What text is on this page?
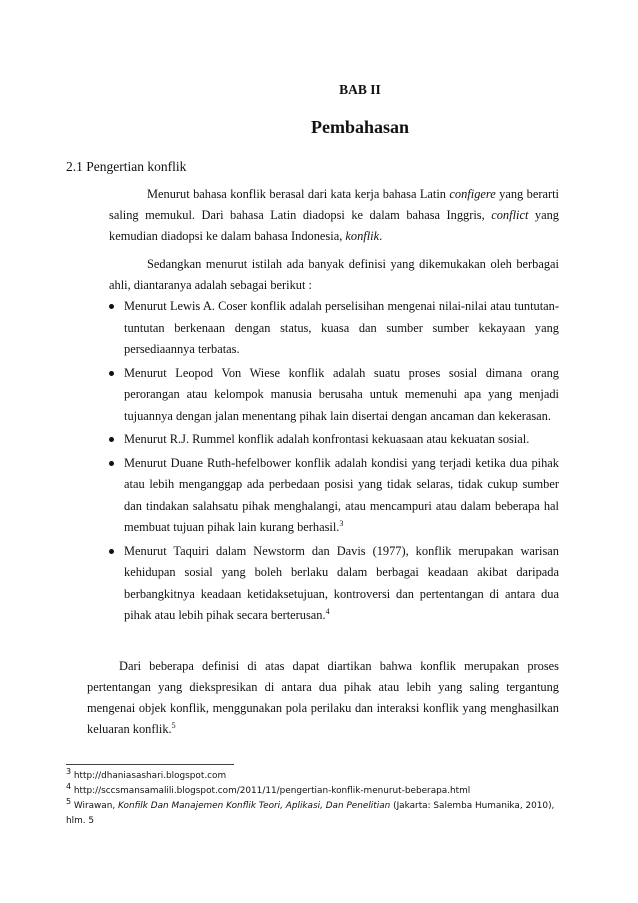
BAB II
Pembahasan
2.1 Pengertian konflik
Menurut bahasa konflik berasal dari kata kerja bahasa Latin configere yang berarti saling memukul. Dari bahasa Latin diadopsi ke dalam bahasa Inggris, conflict yang kemudian diadopsi ke dalam bahasa Indonesia, konflik.
Sedangkan menurut istilah ada banyak definisi yang dikemukakan oleh berbagai ahli, diantaranya adalah sebagai berikut :
Menurut Lewis A. Coser konflik adalah perselisihan mengenai nilai-nilai atau tuntutan-tuntutan berkenaan dengan status, kuasa dan sumber sumber kekayaan yang persediaannya terbatas.
Menurut Leopod Von Wiese konflik adalah suatu proses sosial dimana orang perorangan atau kelompok manusia berusaha untuk memenuhi apa yang menjadi tujuannya dengan jalan menentang pihak lain disertai dengan ancaman dan kekerasan.
Menurut R.J. Rummel konflik adalah konfrontasi kekuasaan atau kekuatan sosial.
Menurut Duane Ruth-hefelbower konflik adalah kondisi yang terjadi ketika dua pihak atau lebih menganggap ada perbedaan posisi yang tidak selaras, tidak cukup sumber dan tindakan salahsatu pihak menghalangi, atau mencampuri atau dalam beberapa hal membuat tujuan pihak lain kurang berhasil.$^3$
Menurut Taquiri dalam Newstorm dan Davis (1977), konflik merupakan warisan kehidupan sosial yang boleh berlaku dalam berbagai keadaan akibat daripada berbangkitnya keadaan ketidaksetujuan, kontroversi dan pertentangan di antara dua pihak atau lebih pihak secara berterusan.$^4$
Dari beberapa definisi di atas dapat diartikan bahwa konflik merupakan proses pertentangan yang diekspresikan di antara dua pihak atau lebih yang saling tergantung mengenai objek konflik, menggunakan pola perilaku dan interaksi konflik yang menghasilkan keluaran konflik.$^5$
$^3$ http://dhaniasashari.blogspot.com
$^4$ http://sccsmansamalili.blogspot.com/2011/11/pengertian-konflik-menurut-beberapa.html
$^5$ Wirawan, Konfilk Dan Manajemen Konflik Teori, Aplikasi, Dan Penelitian (Jakarta: Salemba Humanika, 2010),
hlm. 5
